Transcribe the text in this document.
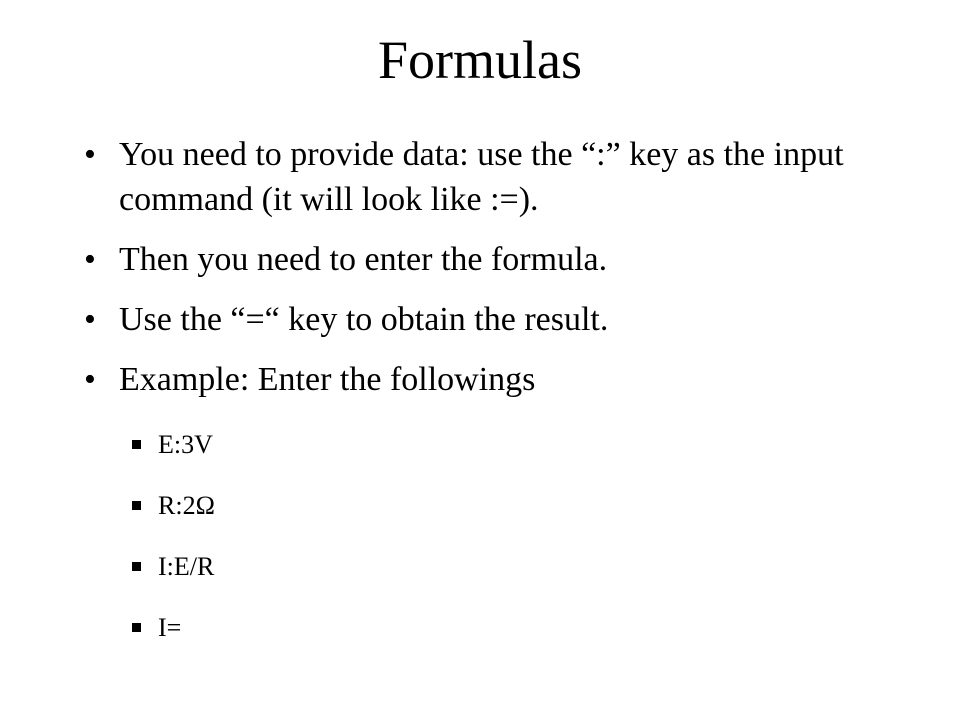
Formulas
• You need to provide data: use the “:” key as the input command (it will look like :=).
• Then you need to enter the formula.
• Use the “=“ key to obtain the result.
• Example: Enter the followings
E:3V
R:2Ω
I:E/R
I=
